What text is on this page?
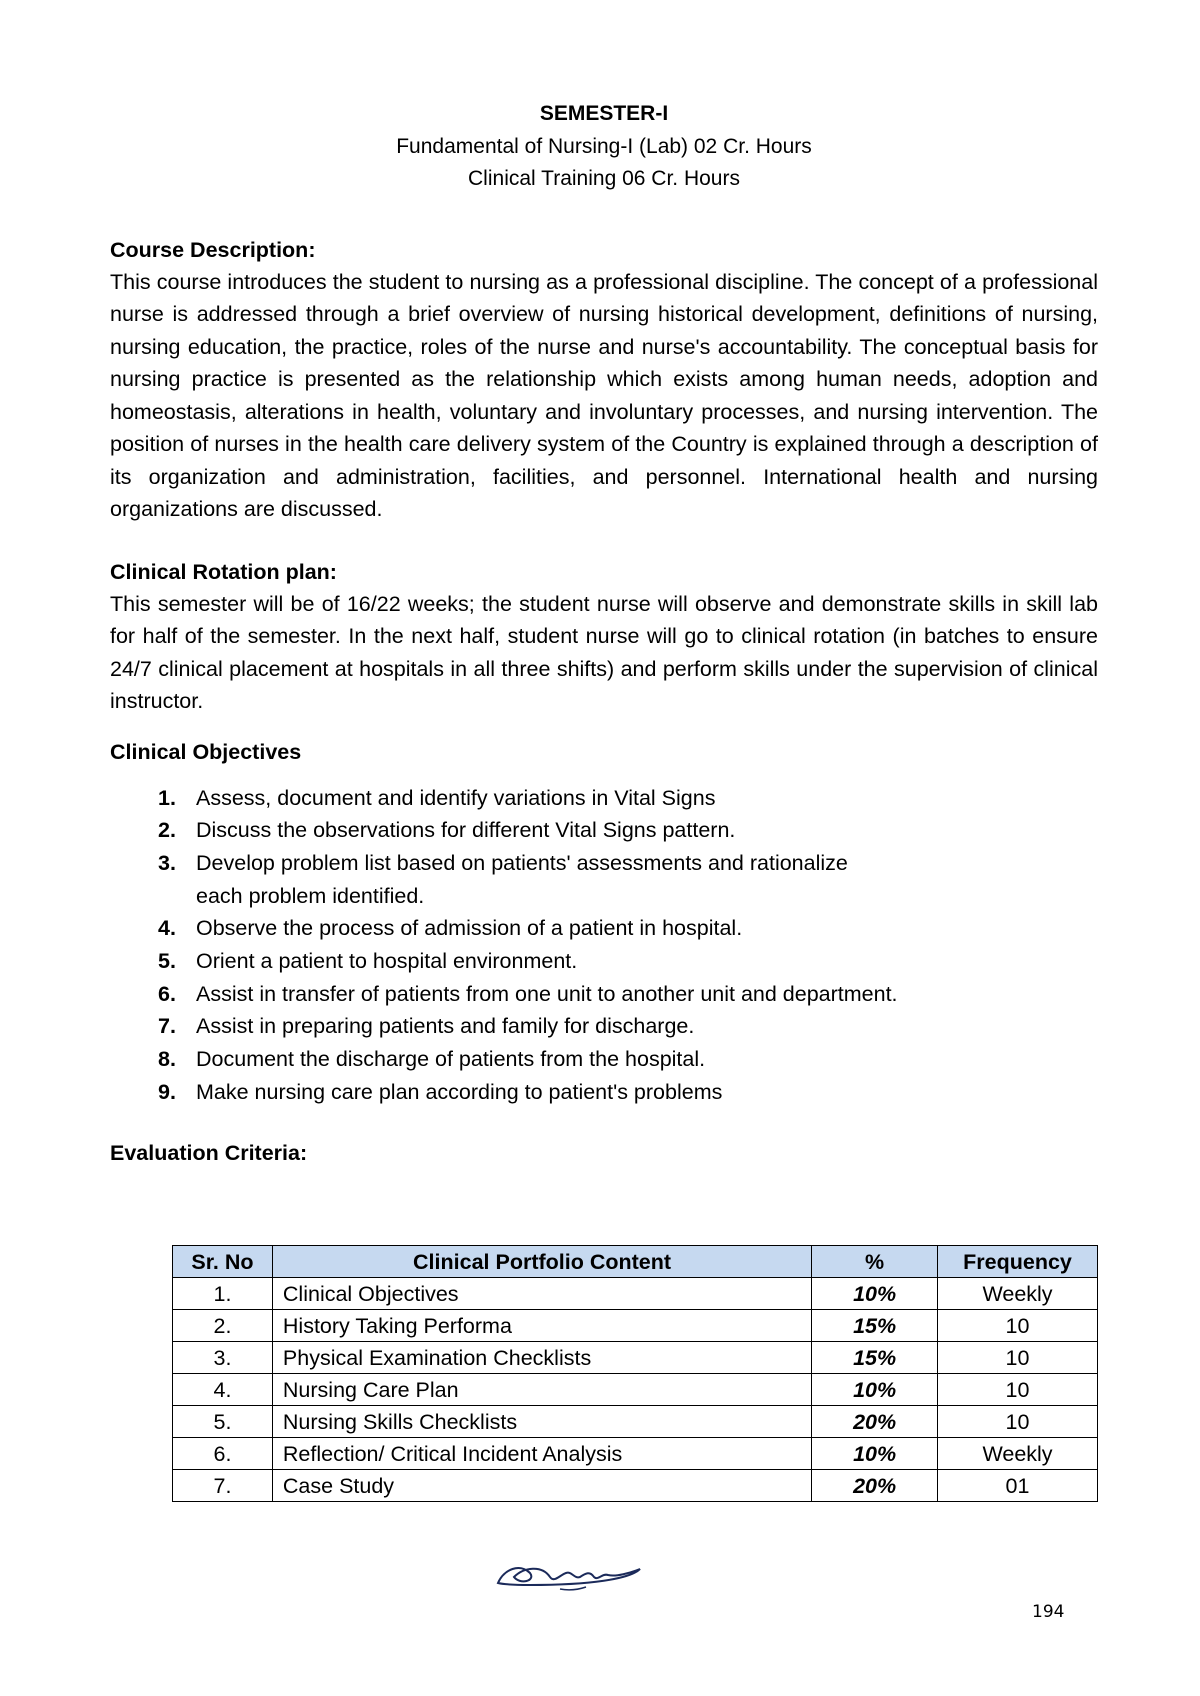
SEMESTER-I
Fundamental of Nursing-I (Lab) 02 Cr. Hours
Clinical Training 06 Cr. Hours
Course Description:

This course introduces the student to nursing as a professional discipline. The concept of a professional nurse is addressed through a brief overview of nursing historical development, definitions of nursing, nursing education, the practice, roles of the nurse and nurse's accountability. The conceptual basis for nursing practice is presented as the relationship which exists among human needs, adoption and homeostasis, alterations in health, voluntary and involuntary processes, and nursing intervention. The position of nurses in the health care delivery system of the Country is explained through a description of its organization and administration, facilities, and personnel. International health and nursing organizations are discussed.

Clinical Rotation plan:

This semester will be of 16/22 weeks; the student nurse will observe and demonstrate skills in skill lab for half of the semester. In the next half, student nurse will go to clinical rotation (in batches to ensure 24/7 clinical placement at hospitals in all three shifts) and perform skills under the supervision of clinical instructor.

Clinical Objectives
1. Assess, document and identify variations in Vital Signs
2. Discuss the observations for different Vital Signs pattern.
3. Develop problem list based on patients' assessments and rationalize each problem identified.
4. Observe the process of admission of a patient in hospital.
5. Orient a patient to hospital environment.
6. Assist in transfer of patients from one unit to another unit and department.
7. Assist in preparing patients and family for discharge.
8. Document the discharge of patients from the hospital.
9. Make nursing care plan according to patient's problems
Evaluation Criteria:
Sr. No	Clinical Portfolio Content	%	Frequency
1.	Clinical Objectives	10%	Weekly
2.	History Taking Performa	15%	10
3.	Physical Examination Checklists	15%	10
4.	Nursing Care Plan	10%	10
5.	Nursing Skills Checklists	20%	10
6.	Reflection/ Critical Incident Analysis	10%	Weekly
7.	Case Study	20%	01
194
